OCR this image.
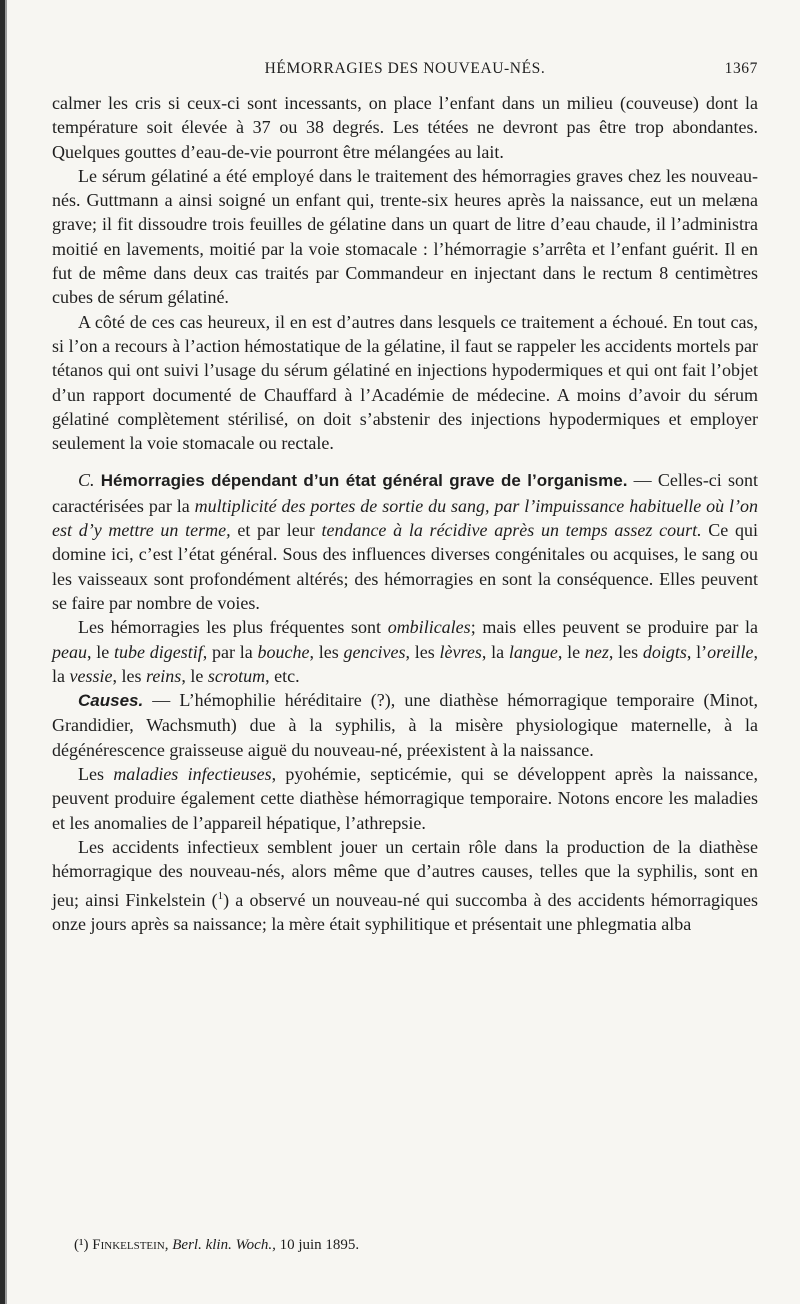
HÉMORRAGIES DES NOUVEAU-NÉS.	1367

calmer les cris si ceux-ci sont incessants, on place l’enfant dans un milieu (couveuse) dont la température soit élevée à 37 ou 38 degrés. Les tétées ne devront pas être trop abondantes. Quelques gouttes d’eau-de-vie pourront être mélangées au lait.

Le sérum gélatiné a été employé dans le traitement des hémorragies graves chez les nouveau-nés. Guttmann a ainsi soigné un enfant qui, trente-six heures après la naissance, eut un melæna grave; il fit dissoudre trois feuilles de gélatine dans un quart de litre d’eau chaude, il l’administra moitié en lavements, moitié par la voie stomacale : l’hémorragie s’arrêta et l’enfant guérit. Il en fut de même dans deux cas traités par Commandeur en injectant dans le rectum 8 centimètres cubes de sérum gélatiné.

A côté de ces cas heureux, il en est d’autres dans lesquels ce traitement a échoué. En tout cas, si l’on a recours à l’action hémostatique de la gélatine, il faut se rappeler les accidents mortels par tétanos qui ont suivi l’usage du sérum gélatiné en injections hypodermiques et qui ont fait l’objet d’un rapport documenté de Chauffard à l’Académie de médecine. A moins d’avoir du sérum gélatiné complètement stérilisé, on doit s’abstenir des injections hypodermiques et employer seulement la voie stomacale ou rectale.

C. Hémorragies dépendant d’un état général grave de l’organisme. — Celles-ci sont caractérisées par la multiplicité des portes de sortie du sang, par l’impuissance habituelle où l’on est d’y mettre un terme, et par leur tendance à la récidive après un temps assez court. Ce qui domine ici, c’est l’état général. Sous des influences diverses congénitales ou acquises, le sang ou les vaisseaux sont profondément altérés; des hémorragies en sont la conséquence. Elles peuvent se faire par nombre de voies.

Les hémorragies les plus fréquentes sont ombilicales; mais elles peuvent se produire par la peau, le tube digestif, par la bouche, les gencives, les lèvres, la langue, le nez, les doigts, l’oreille, la vessie, les reins, le scrotum, etc.

Causes. — L’hémophilie héréditaire (?), une diathèse hémorragique temporaire (Minot, Grandidier, Wachsmuth) due à la syphilis, à la misère physiologique maternelle, à la dégénérescence graisseuse aiguë du nouveau-né, préexistent à la naissance.

Les maladies infectieuses, pyohémie, septicémie, qui se développent après la naissance, peuvent produire également cette diathèse hémorragique temporaire. Notons encore les maladies et les anomalies de l’appareil hépatique, l’athrepsie.

Les accidents infectieux semblent jouer un certain rôle dans la production de la diathèse hémorragique des nouveau-nés, alors même que d’autres causes, telles que la syphilis, sont en jeu; ainsi Finkelstein ($^1$) a observé un nouveau-né qui succomba à des accidents hémorragiques onze jours après sa naissance; la mère était syphilitique et présentait une phlegmatia alba

(¹) Finkelstein, Berl. klin. Woch., 10 juin 1895.
